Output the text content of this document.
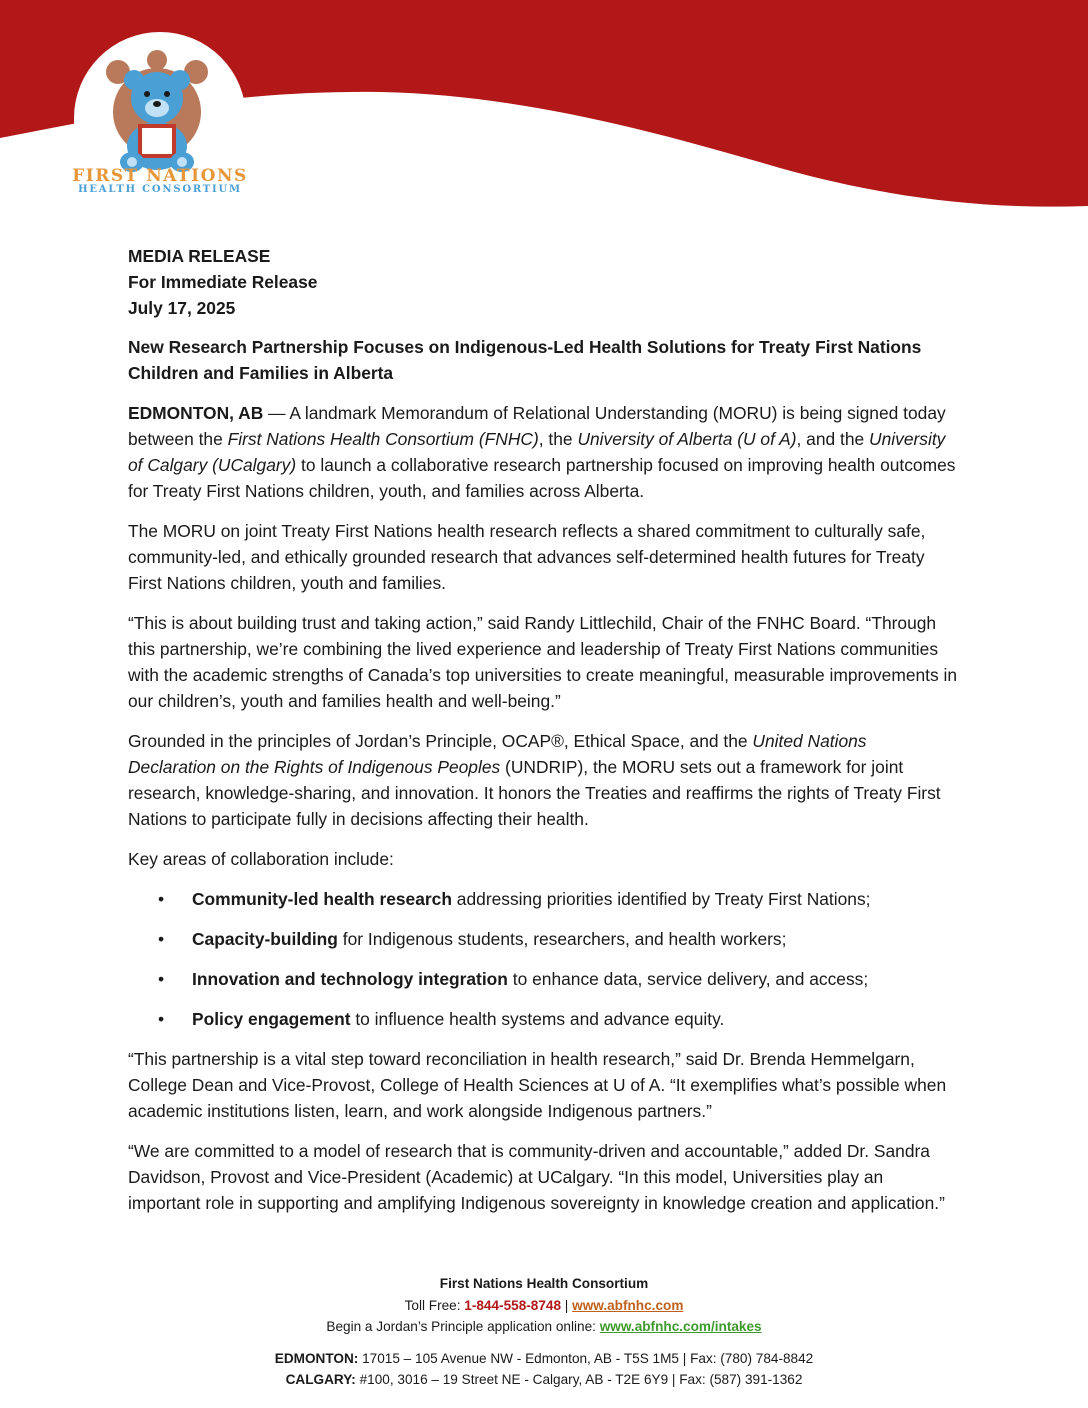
FIRST NATIONS
HEALTH CONSORTIUM
MEDIA RELEASE
For Immediate Release
July 17, 2025
New Research Partnership Focuses on Indigenous-Led Health Solutions for Treaty First Nations Children and Families in Alberta

EDMONTON, AB — A landmark Memorandum of Relational Understanding (MORU) is being signed today between the First Nations Health Consortium (FNHC), the University of Alberta (U of A), and the University of Calgary (UCalgary) to launch a collaborative research partnership focused on improving health outcomes for Treaty First Nations children, youth, and families across Alberta.

The MORU on joint Treaty First Nations health research reflects a shared commitment to culturally safe, community-led, and ethically grounded research that advances self-determined health futures for Treaty First Nations children, youth and families.

“This is about building trust and taking action,” said Randy Littlechild, Chair of the FNHC Board. “Through this partnership, we’re combining the lived experience and leadership of Treaty First Nations communities with the academic strengths of Canada’s top universities to create meaningful, measurable improvements in our children’s, youth and families health and well-being.”

Grounded in the principles of Jordan’s Principle, OCAP®, Ethical Space, and the United Nations Declaration on the Rights of Indigenous Peoples (UNDRIP), the MORU sets out a framework for joint research, knowledge-sharing, and innovation. It honors the Treaties and reaffirms the rights of Treaty First Nations to participate fully in decisions affecting their health.

Key areas of collaboration include:

• Community-led health research addressing priorities identified by Treaty First Nations;
• Capacity-building for Indigenous students, researchers, and health workers;
• Innovation and technology integration to enhance data, service delivery, and access;
• Policy engagement to influence health systems and advance equity.

“This partnership is a vital step toward reconciliation in health research,” said Dr. Brenda Hemmelgarn, College Dean and Vice-Provost, College of Health Sciences at U of A. “It exemplifies what’s possible when academic institutions listen, learn, and work alongside Indigenous partners.”

“We are committed to a model of research that is community-driven and accountable,” added Dr. Sandra Davidson, Provost and Vice-President (Academic) at UCalgary. “In this model, Universities play an important role in supporting and amplifying Indigenous sovereignty in knowledge creation and application.”

First Nations Health Consortium
Toll Free: 1-844-558-8748 | www.abfnhc.com
Begin a Jordan’s Principle application online: www.abfnhc.com/intakes
EDMONTON: 17015 – 105 Avenue NW - Edmonton, AB - T5S 1M5 | Fax: (780) 784-8842
CALGARY: #100, 3016 – 19 Street NE - Calgary, AB - T2E 6Y9 | Fax: (587) 391-1362
